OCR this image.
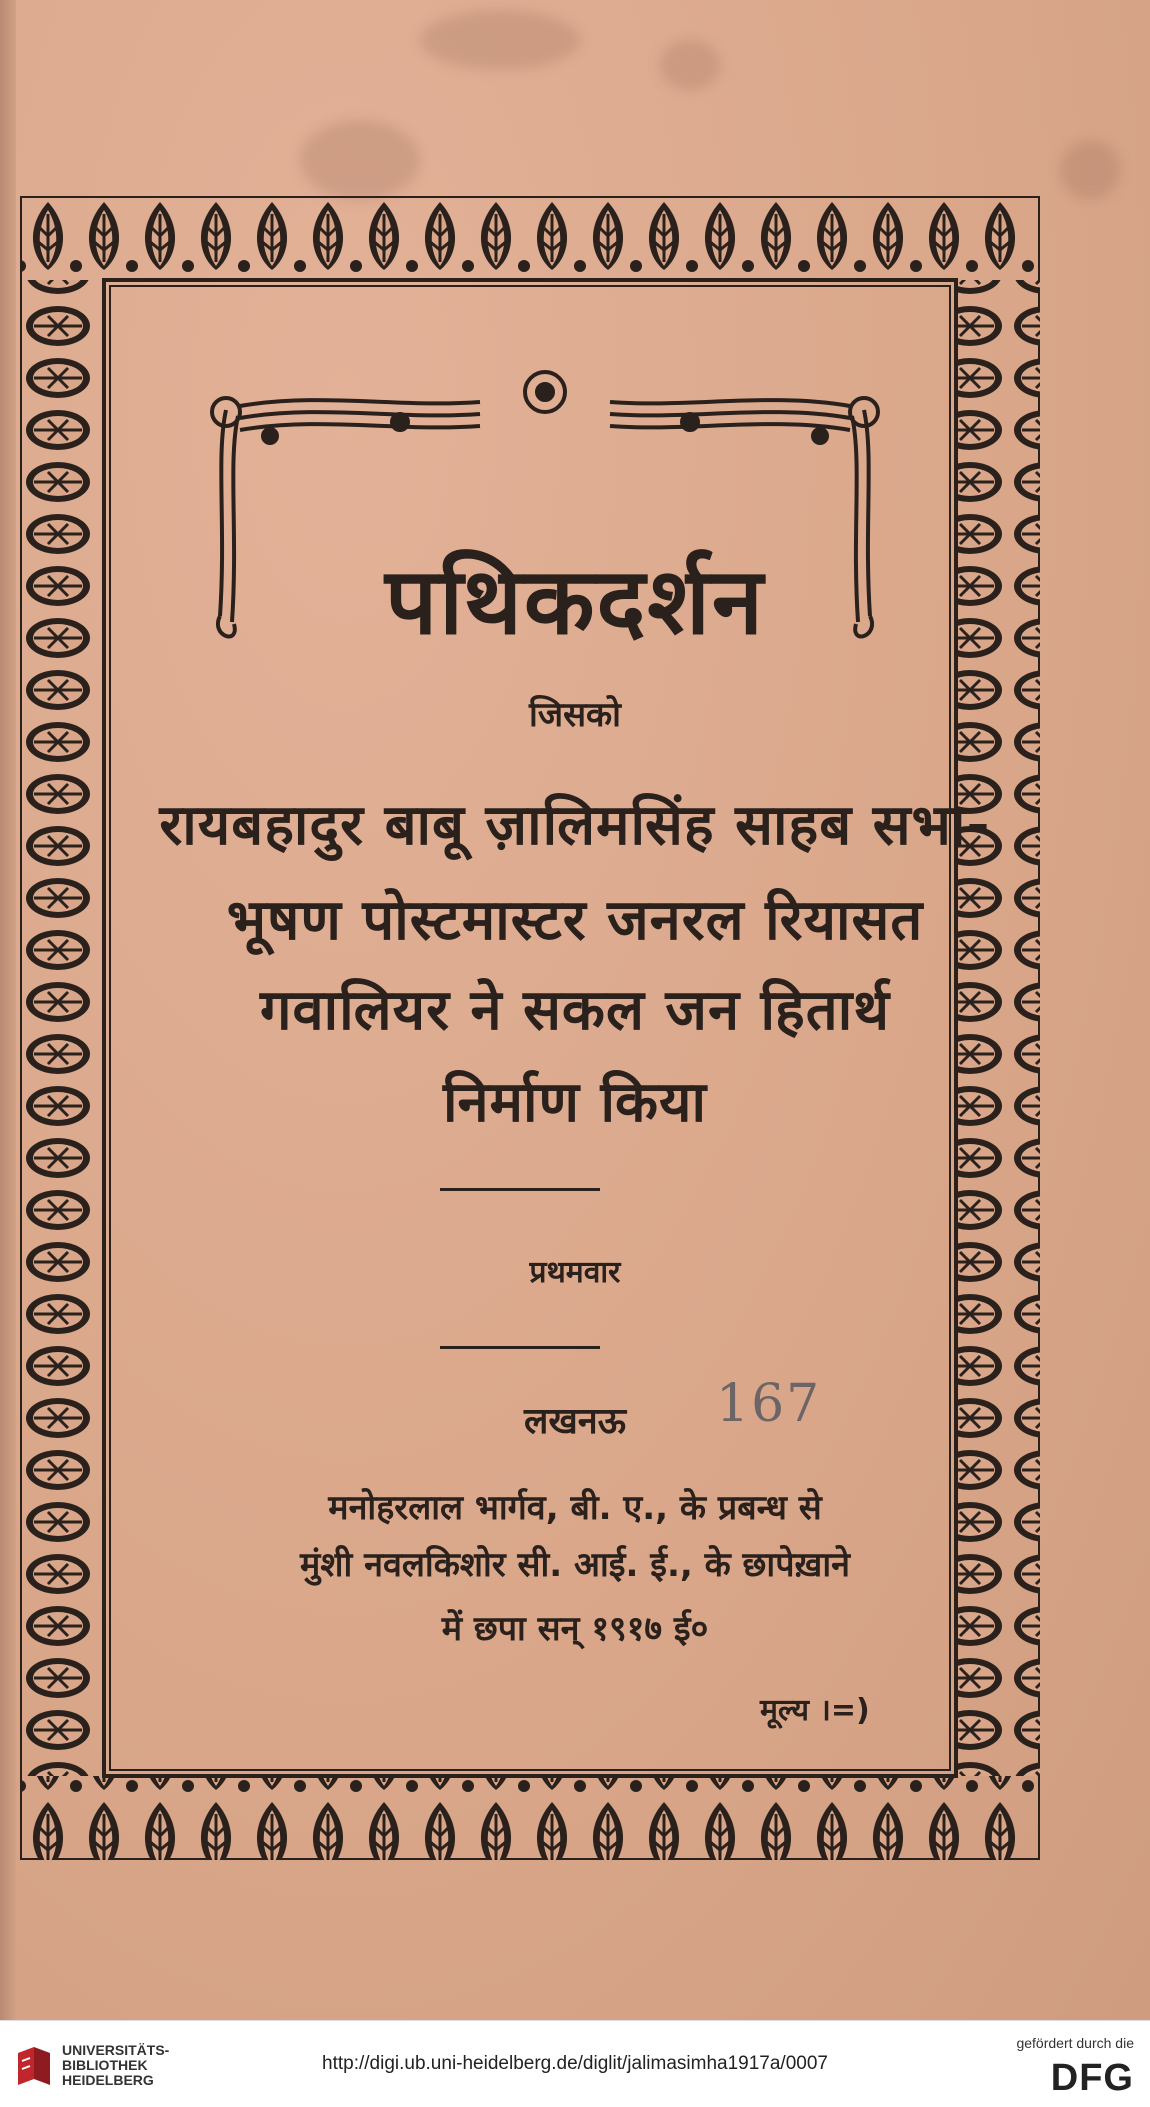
पथिकदर्शन
जिसको
रायबहादुर बाबू ज़ालिमसिंह साहब सभा-
भूषण पोस्टमास्टर जनरल रियासत
गवालियर ने सकल जन हितार्थ
निर्माण किया
प्रथमवार
लखनऊ	167
मनोहरलाल भार्गव, बी. ए., के प्रबन्ध से
मुंशी नवलकिशोर सी. आई. ई., के छापेख़ाने
में छपा सन् १९१७ ई०
मूल्य ।=)
UNIVERSITÄTS-
BIBLIOTHEK
HEIDELBERG
http://digi.ub.uni-heidelberg.de/diglit/jalimasimha1917a/0007
gefördert durch die
DFG
